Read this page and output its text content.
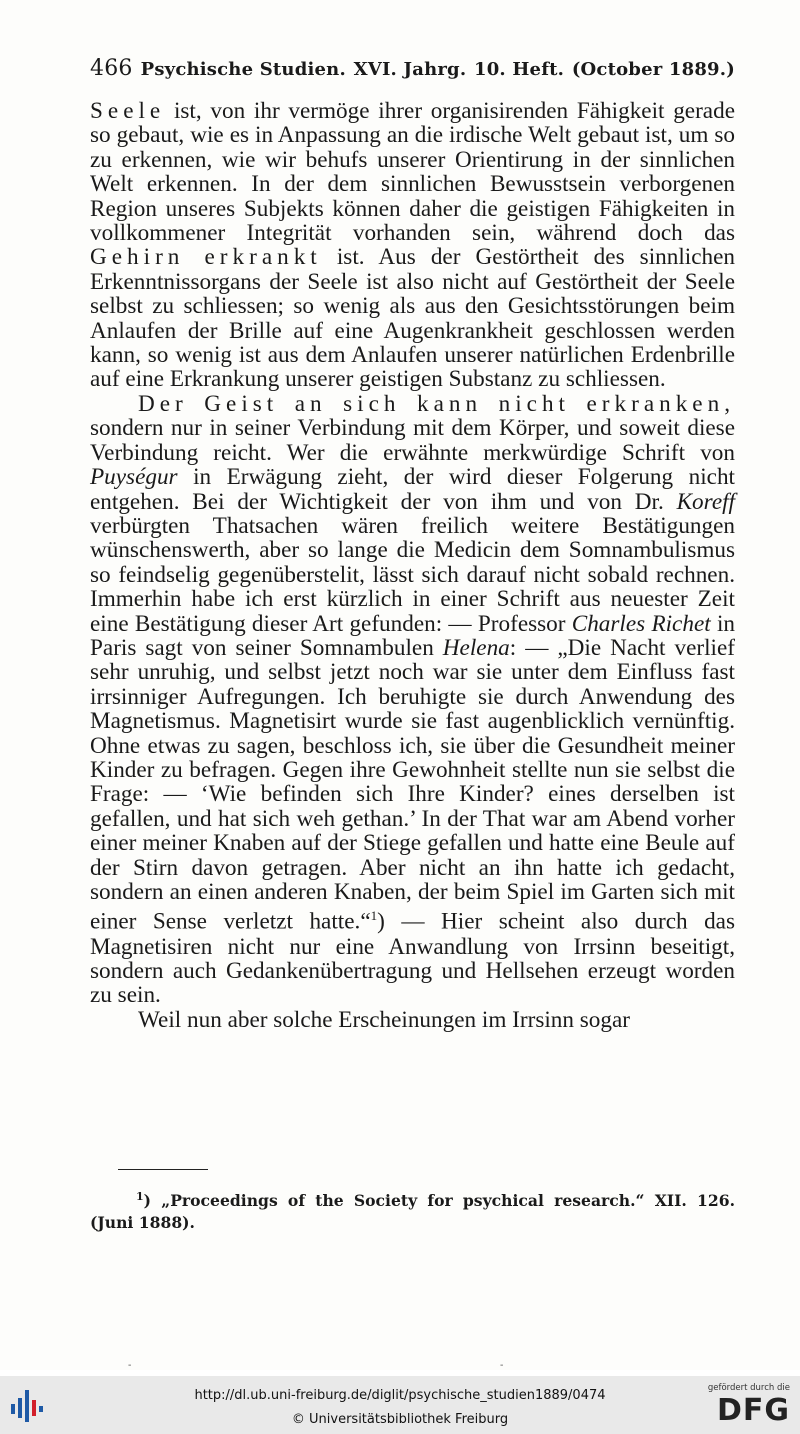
466 Psychische Studien. XVI. Jahrg. 10. Heft. (October 1889.)

Seele ist, von ihr vermöge ihrer organisirenden Fähigkeit gerade so gebaut, wie es in Anpassung an die irdische Welt gebaut ist, um so zu erkennen, wie wir behufs unserer Orientirung in der sinnlichen Welt erkennen. In der dem sinnlichen Bewusstsein verborgenen Region unseres Subjekts können daher die geistigen Fähigkeiten in vollkommener Integrität vorhanden sein, während doch das Gehirn erkrankt ist. Aus der Gestörtheit des sinnlichen Erkenntnissorgans der Seele ist also nicht auf Gestörtheit der Seele selbst zu schliessen; so wenig als aus den Gesichtsstörungen beim Anlaufen der Brille auf eine Augenkrankheit geschlossen werden kann, so wenig ist aus dem Anlaufen unserer natürlichen Erdenbrille auf eine Erkrankung unserer geistigen Substanz zu schliessen.

Der Geist an sich kann nicht erkranken, sondern nur in seiner Verbindung mit dem Körper, und soweit diese Verbindung reicht. Wer die erwähnte merkwürdige Schrift von Puységur in Erwägung zieht, der wird dieser Folgerung nicht entgehen. Bei der Wichtigkeit der von ihm und von Dr. Koreff verbürgten Thatsachen wären freilich weitere Bestätigungen wünschenswerth, aber so lange die Medicin dem Somnambulismus so feindselig gegenüberstelit, lässt sich darauf nicht sobald rechnen. Immerhin habe ich erst kürzlich in einer Schrift aus neuester Zeit eine Bestätigung dieser Art gefunden: — Professor Charles Richet in Paris sagt von seiner Somnambulen Helena: — „Die Nacht verlief sehr unruhig, und selbst jetzt noch war sie unter dem Einfluss fast irrsinniger Aufregungen. Ich beruhigte sie durch Anwendung des Magnetismus. Magnetisirt wurde sie fast augenblicklich vernünftig. Ohne etwas zu sagen, beschloss ich, sie über die Gesundheit meiner Kinder zu befragen. Gegen ihre Gewohnheit stellte nun sie selbst die Frage: — ‘Wie befinden sich Ihre Kinder? eines derselben ist gefallen, und hat sich weh gethan.’ In der That war am Abend vorher einer meiner Knaben auf der Stiege gefallen und hatte eine Beule auf der Stirn davon getragen. Aber nicht an ihn hatte ich gedacht, sondern an einen anderen Knaben, der beim Spiel im Garten sich mit einer Sense verletzt hatte.“$^1$) — Hier scheint also durch das Magnetisiren nicht nur eine Anwandlung von Irrsinn beseitigt, sondern auch Gedankenübertragung und Hellsehen erzeugt worden zu sein.

Weil nun aber solche Erscheinungen im Irrsinn sogar

$^1$) „Proceedings of the Society for psychical research.“ XII. 126. (Juni 1888).
-	-
http://dl.ub.uni-freiburg.de/diglit/psychische_studien1889/0474
© Universitätsbibliothek Freiburg
gefördert durch die
DFG
